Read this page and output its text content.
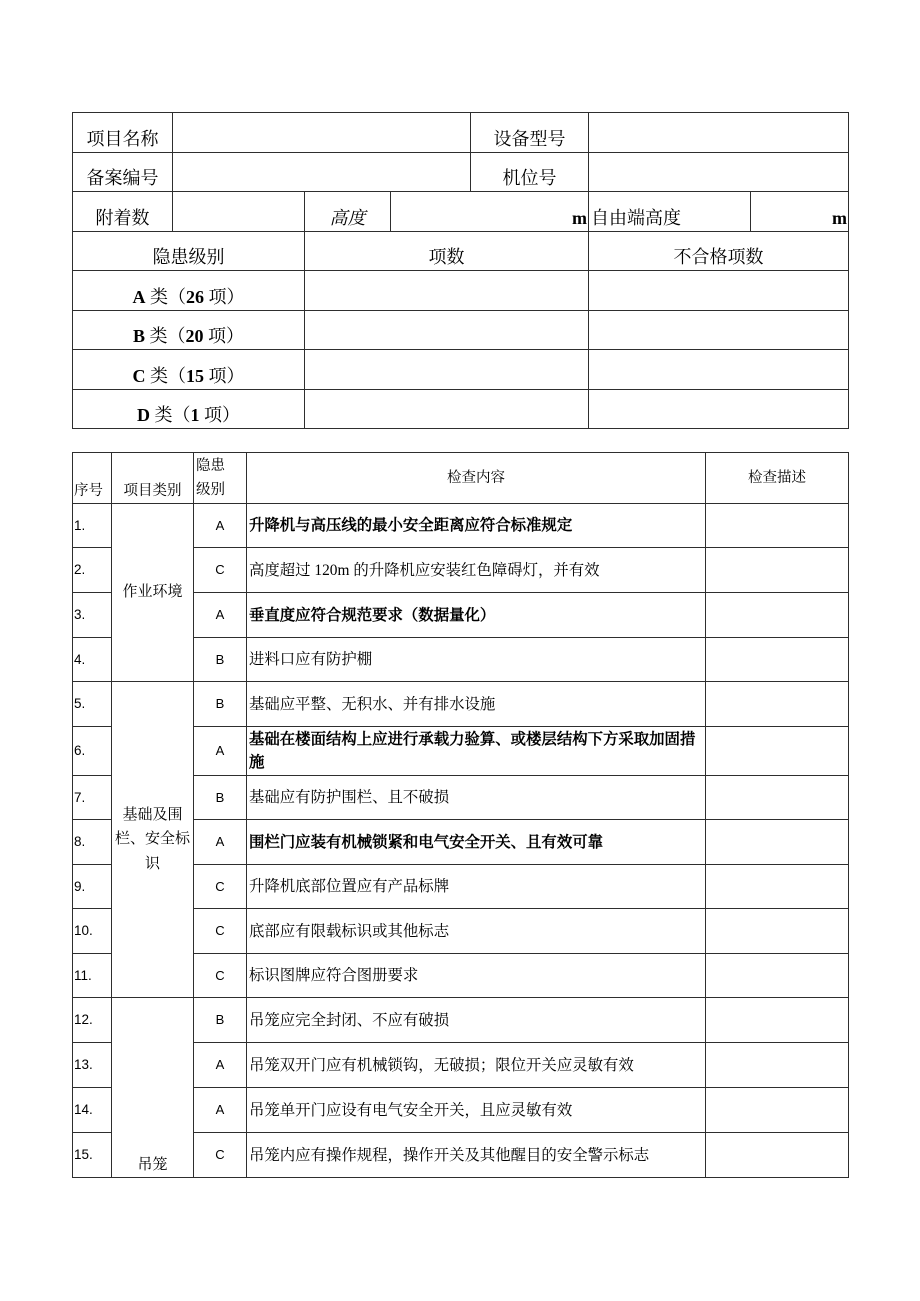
项目名称				设备型号		
备案编号				机位号		
附着数		高度	m		自由端高度	m
隐患级别		项数			不合格项数	
A 类（26 项）						
B 类（20 项）						
C 类（15 项）						
D 类（1 项）						
序号	项目类别	隐患级别	检查内容	检查描述
1.	作业环境	A	升降机与高压线的最小安全距离应符合标准规定	
2.		C	高度超过 120m 的升降机应安装红色障碍灯，并有效	
3.		A	垂直度应符合规范要求（数据量化）	
4.		B	进料口应有防护棚	
5.	基础及围栏、安全标识	B	基础应平整、无积水、并有排水设施	
6.		A	基础在楼面结构上应进行承载力验算、或楼层结构下方采取加固措施	
7.		B	基础应有防护围栏、且不破损	
8.		A	围栏门应装有机械锁紧和电气安全开关、且有效可靠	
9.		C	升降机底部位置应有产品标牌	
10.		C	底部应有限载标识或其他标志	
11.		C	标识图牌应符合图册要求	
12.	吊笼	B	吊笼应完全封闭、不应有破损	
13.		A	吊笼双开门应有机械锁钩，无破损；限位开关应灵敏有效	
14.		A	吊笼单开门应设有电气安全开关，且应灵敏有效	
15.		C	吊笼内应有操作规程，操作开关及其他醒目的安全警示标志	
